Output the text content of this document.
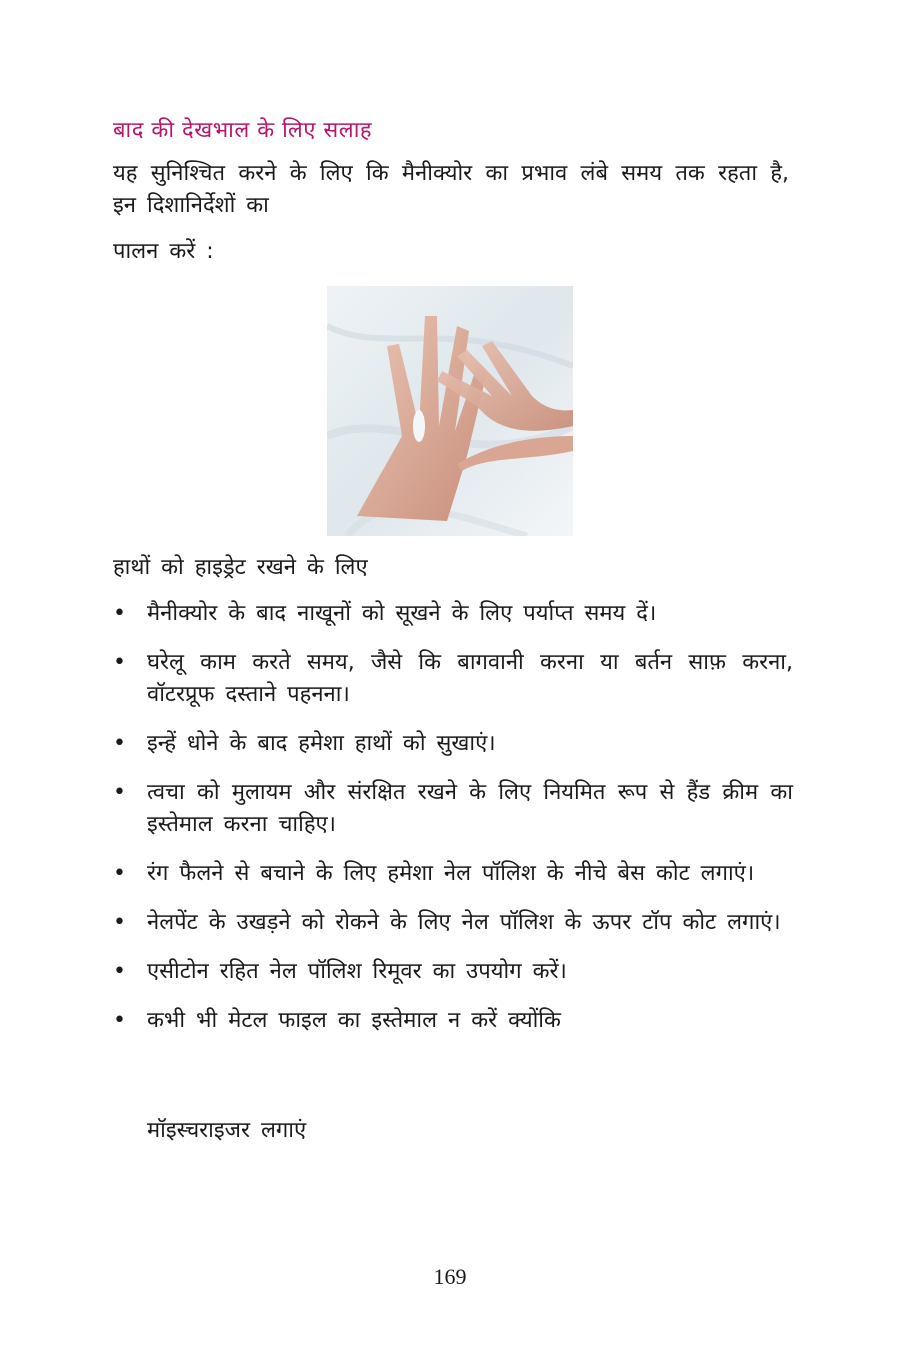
बाद की देखभाल के लिए सलाह
यह सुनिश्चित करने के लिए कि मैनीक्योर का प्रभाव लंबे समय तक रहता है, इन दिशानिर्देशों का
पालन करें :
हाथों को हाइड्रेट रखने के लिए
• मैनीक्योर के बाद नाखूनों को सूखने के लिए पर्याप्त समय दें।
• घरेलू काम करते समय, जैसे कि बागवानी करना या बर्तन साफ़ करना, वॉटरप्रूफ दस्ताने पहनना।
• इन्हें धोने के बाद हमेशा हाथों को सुखाएं।
• त्वचा को मुलायम और संरक्षित रखने के लिए नियमित रूप से हैंड क्रीम का इस्तेमाल करना चाहिए।
• रंग फैलने से बचाने के लिए हमेशा नेल पॉलिश के नीचे बेस कोट लगाएं।
• नेलपेंट के उखड़ने को रोकने के लिए नेल पॉलिश के ऊपर टॉप कोट लगाएं।
• एसीटोन रहित नेल पॉलिश रिमूवर का उपयोग करें।
• कभी भी मेटल फाइल का इस्तेमाल न करें क्योंकि
मॉइस्चराइजर लगाएं
169
